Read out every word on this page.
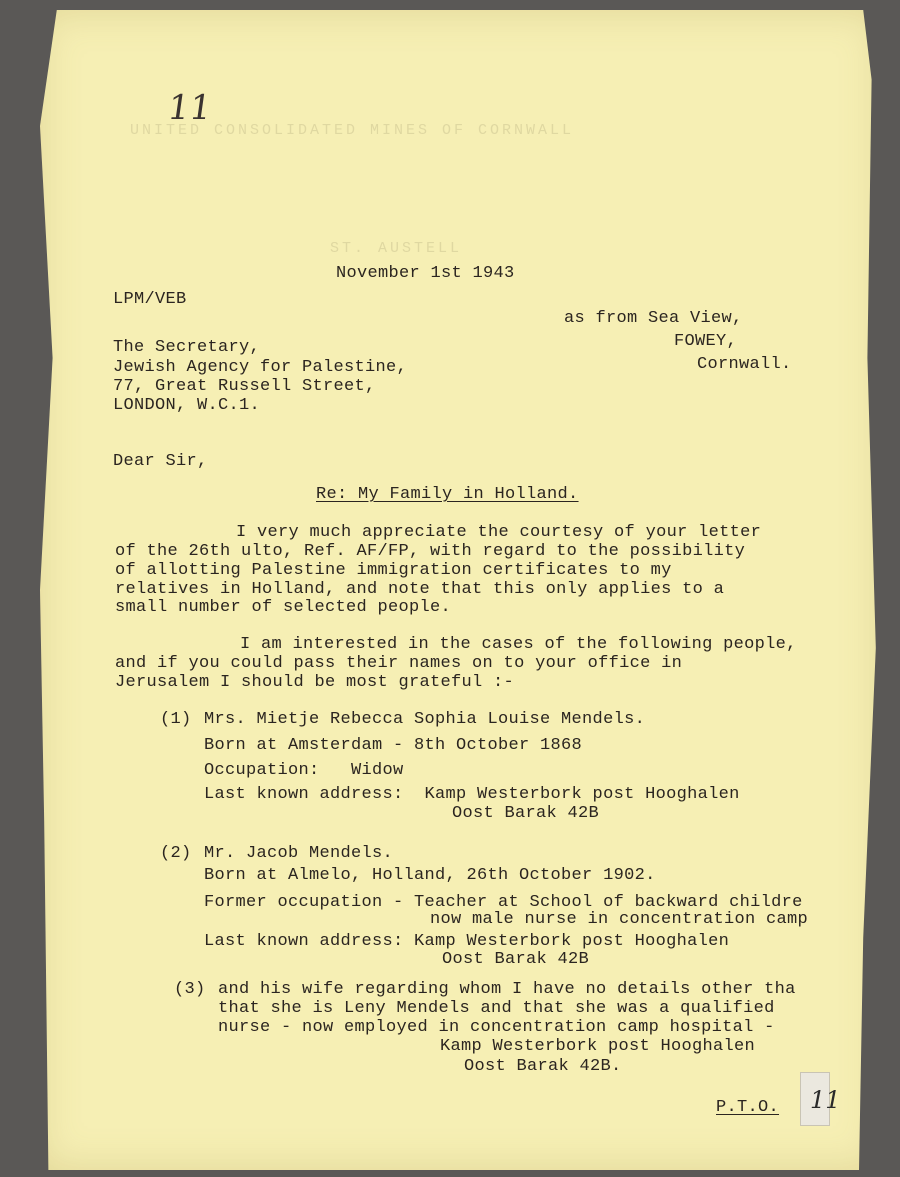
UNITED CONSOLIDATED MINES OF CORNWALL
ST. AUSTELL
11
November 1st 1943
LPM/VEB
as from Sea View,
FOWEY,
Cornwall.
The Secretary,
Jewish Agency for Palestine,
77, Great Russell Street,
LONDON, W.C.1.
Dear Sir,
Re: My Family in Holland.
I very much appreciate the courtesy of your letter
of the 26th ulto, Ref. AF/FP, with regard to the possibility
of allotting Palestine immigration certificates to my
relatives in Holland, and note that this only applies to a
small number of selected people.
I am interested in the cases of the following people,
and if you could pass their names on to your office in
Jerusalem I should be most grateful :-
(1) Mrs. Mietje Rebecca Sophia Louise Mendels.
Born at Amsterdam - 8th October 1868
Occupation:   Widow
Last known address:  Kamp Westerbork post Hooghalen
Oost Barak 42B
(2) Mr. Jacob Mendels.
Born at Almelo, Holland, 26th October 1902.
Former occupation - Teacher at School of backward childre
now male nurse in concentration camp
Last known address: Kamp Westerbork post Hooghalen
Oost Barak 42B
(3) and his wife regarding whom I have no details other tha
that she is Leny Mendels and that she was a qualified
nurse - now employed in concentration camp hospital -
Kamp Westerbork post Hooghalen
Oost Barak 42B.
P.T.O. 11
